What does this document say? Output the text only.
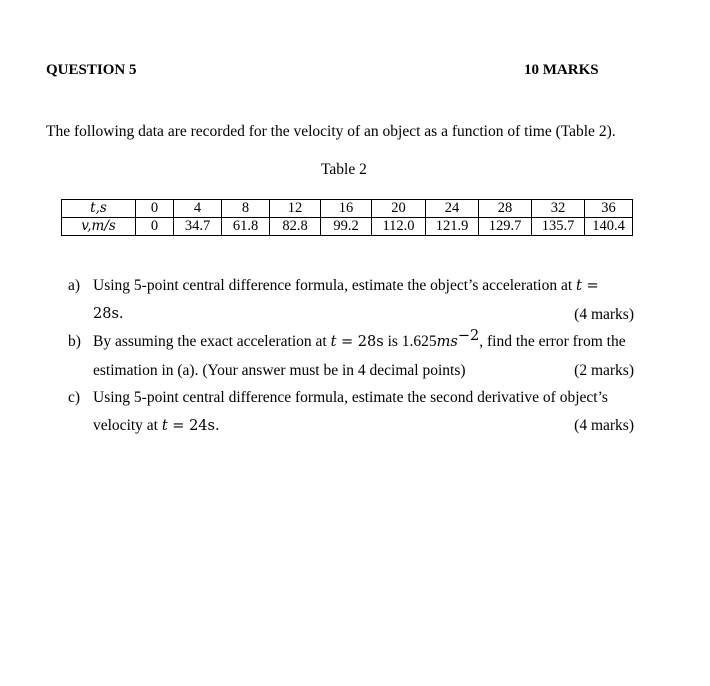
QUESTION 5	10 MARKS
The following data are recorded for the velocity of an object as a function of time (Table 2).
Table 2
t,s	0	4	8	12	16	20	24	28	32	36
v,m/s	0	34.7	61.8	82.8	99.2	112.0	121.9	129.7	135.7	140.4
a) Using 5-point central difference formula, estimate the object’s acceleration at t =
28s.	(4 marks)
b) By assuming the exact acceleration at t = 28s is $1.625ms^{-2}$, find the error from the
estimation in (a). (Your answer must be in 4 decimal points)	(2 marks)
c) Using 5-point central difference formula, estimate the second derivative of object’s
velocity at t = 24s.	(4 marks)
